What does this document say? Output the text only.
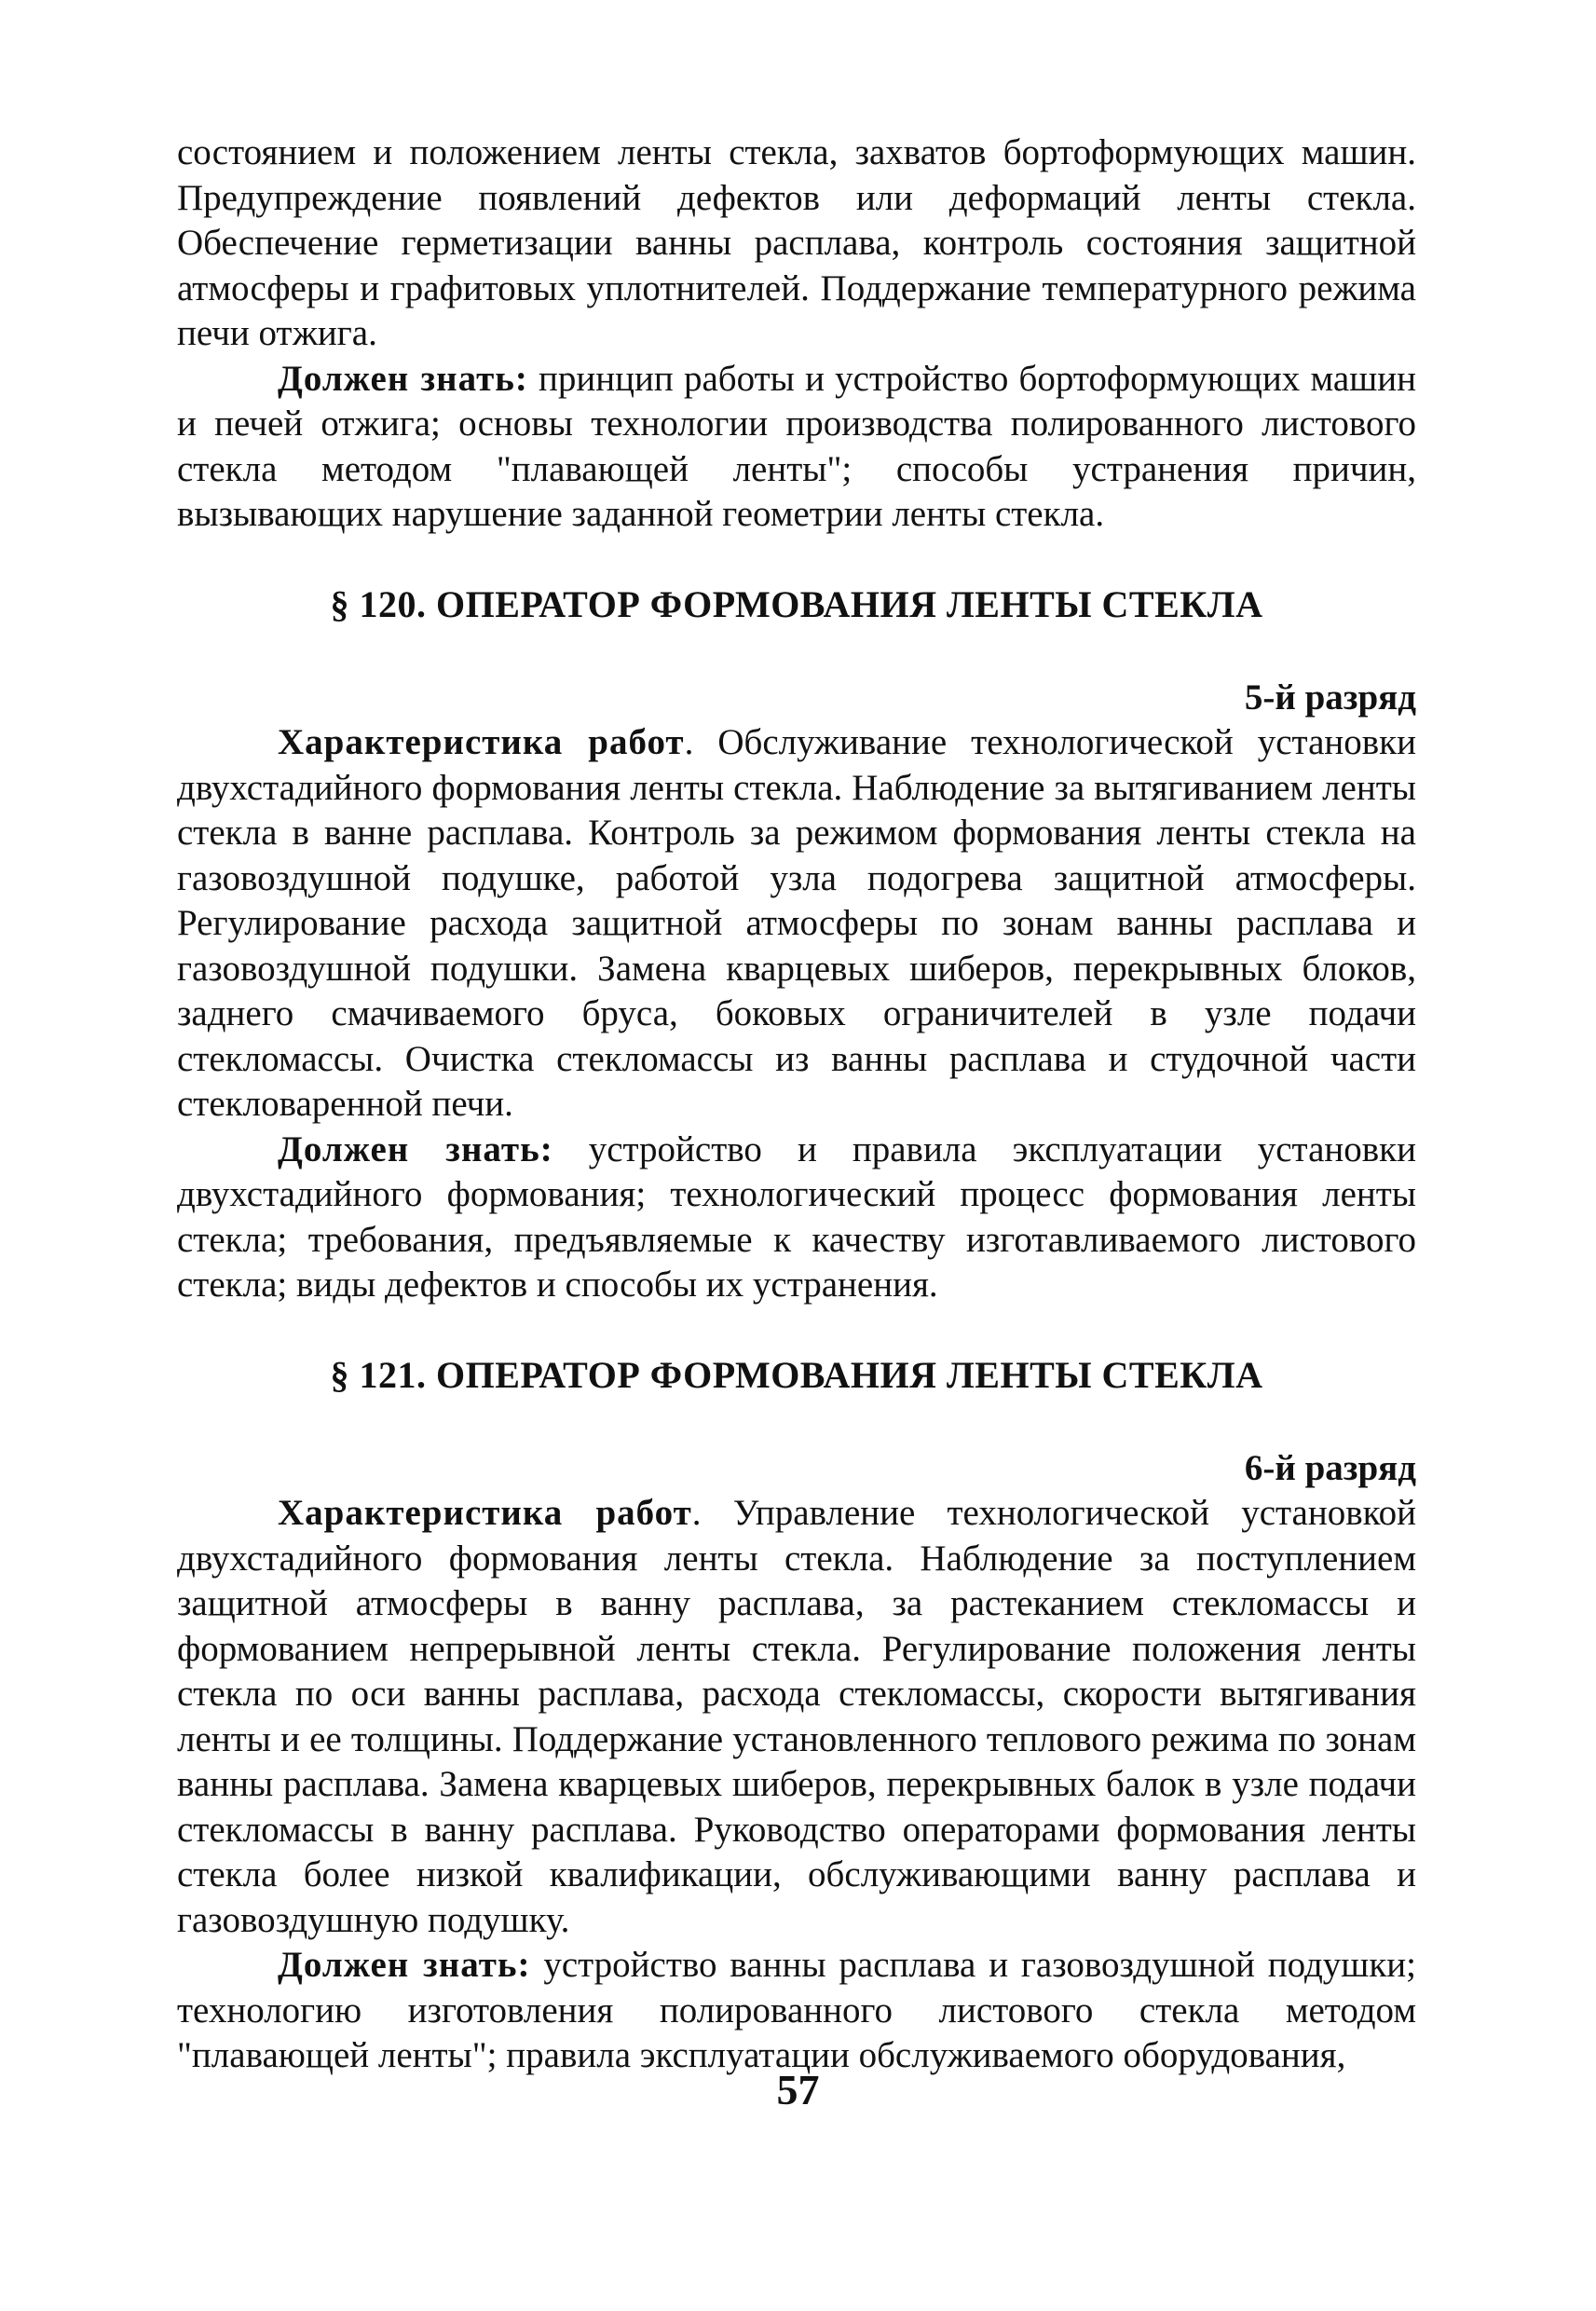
состоянием и положением ленты стекла, захватов бортоформующих машин. Предупреждение появлений дефектов или деформаций ленты стекла. Обеспечение герметизации ванны расплава, контроль состояния защитной атмосферы и графитовых уплотнителей. Поддержание температурного режима печи отжига.

Должен знать: принцип работы и устройство бортоформующих машин и печей отжига; основы технологии производства полированного листового стекла методом "плавающей ленты"; способы устранения причин, вызывающих нарушение заданной геометрии ленты стекла.

§ 120. ОПЕРАТОР ФОРМОВАНИЯ ЛЕНТЫ СТЕКЛА

5-й разряд

Характеристика работ. Обслуживание технологической установки двухстадийного формования ленты стекла. Наблюдение за вытягиванием ленты стекла в ванне расплава. Контроль за режимом формования ленты стекла на газовоздушной подушке, работой узла подогрева защитной атмосферы. Регулирование расхода защитной атмосферы по зонам ванны расплава и газовоздушной подушки. Замена кварцевых шиберов, перекрывных блоков, заднего смачиваемого бруса, боковых ограничителей в узле подачи стекломассы. Очистка стекломассы из ванны расплава и студочной части стекловаренной печи.

Должен знать: устройство и правила эксплуатации установки двухстадийного формования; технологический процесс формования ленты стекла; требования, предъявляемые к качеству изготавливаемого листового стекла; виды дефектов и способы их устранения.

§ 121. ОПЕРАТОР ФОРМОВАНИЯ ЛЕНТЫ СТЕКЛА

6-й разряд

Характеристика работ. Управление технологической установкой двухстадийного формования ленты стекла. Наблюдение за поступлением защитной атмосферы в ванну расплава, за растеканием стекломассы и формованием непрерывной ленты стекла. Регулирование положения ленты стекла по оси ванны расплава, расхода стекломассы, скорости вытягивания ленты и ее толщины. Поддержание установленного теплового режима по зонам ванны расплава. Замена кварцевых шиберов, перекрывных балок в узле подачи стекломассы в ванну расплава. Руководство операторами формования ленты стекла более низкой квалификации, обслуживающими ванну расплава и газовоздушную подушку.

Должен знать: устройство ванны расплава и газовоздушной подушки; технологию изготовления полированного листового стекла методом "плавающей ленты"; правила эксплуатации обслуживаемого оборудования,

57
